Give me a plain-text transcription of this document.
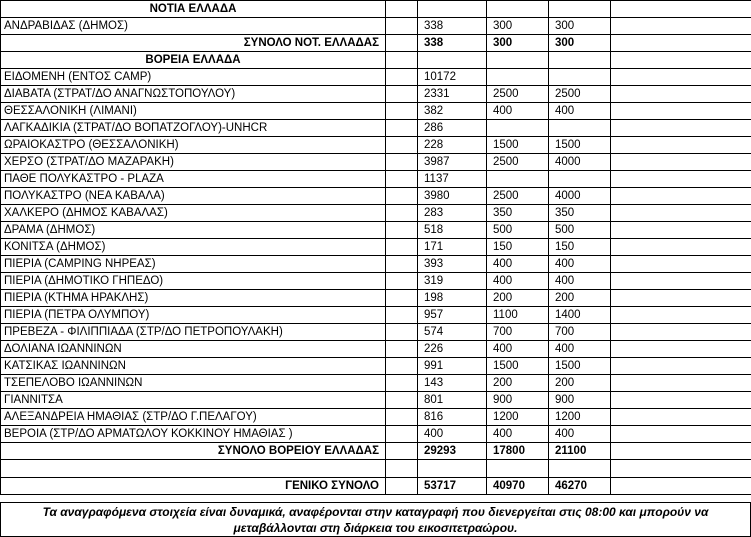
ΝΟΤΙΑ ΕΛΛΑΔΑ					
ΑΝΔΡΑΒΙΔΑΣ (ΔΗΜΟΣ)		338	300	300	
ΣΥΝΟΛΟ ΝΟΤ. ΕΛΛΑΔΑΣ		338	300	300	
ΒΟΡΕΙΑ ΕΛΛΑΔΑ					
ΕΙΔΟΜΕΝΗ (ΕΝΤΟΣ CAMP)		10172			
ΔΙΑΒΑΤΑ (ΣΤΡΑΤ/ΔΟ ΑΝΑΓΝΩΣΤΟΠΟΥΛΟΥ)		2331	2500	2500	
ΘΕΣΣΑΛΟΝΙΚΗ (ΛΙΜΑΝΙ)		382	400	400	
ΛΑΓΚΑΔΙΚΙΑ (ΣΤΡΑΤ/ΔΟ ΒΟΠΑΤΖΟΓΛΟΥ)-UNHCR		286			
ΩΡΑΙΟΚΑΣΤΡΟ (ΘΕΣΣΑΛΟΝΙΚΗ)		228	1500	1500	
ΧΕΡΣΟ (ΣΤΡΑΤ/ΔΟ ΜΑΖΑΡΑΚΗ)		3987	2500	4000	
ΠΑΘΕ ΠΟΛΥΚΑΣΤΡΟ - PLAZA		1137			
ΠΟΛΥΚΑΣΤΡΟ (ΝΕΑ ΚΑΒΑΛΑ)		3980	2500	4000	
ΧΑΛΚΕΡΟ (ΔΗΜΟΣ ΚΑΒΑΛΑΣ)		283	350	350	
ΔΡΑΜΑ (ΔΗΜΟΣ)		518	500	500	
ΚΟΝΙΤΣΑ (ΔΗΜΟΣ)		171	150	150	
ΠΙΕΡΙΑ (CAMPING ΝΗΡΕΑΣ)		393	400	400	
ΠΙΕΡΙΑ (ΔΗΜΟΤΙΚΟ ΓΗΠΕΔΟ)		319	400	400	
ΠΙΕΡΙΑ (ΚΤΗΜΑ ΗΡΑΚΛΗΣ)		198	200	200	
ΠΙΕΡΙΑ (ΠΕΤΡΑ ΟΛΥΜΠΟΥ)		957	1100	1400	
ΠΡΕΒΕΖΑ - ΦΙΛΙΠΠΙΑΔΑ (ΣΤΡ/ΔΟ ΠΕΤΡΟΠΟΥΛΑΚΗ)		574	700	700	
ΔΟΛΙΑΝΑ ΙΩΑΝΝΙΝΩΝ		226	400	400	
ΚΑΤΣΙΚΑΣ ΙΩΑΝΝΙΝΩΝ		991	1500	1500	
ΤΣΕΠΕΛΟΒΟ ΙΩΑΝΝΙΝΩΝ		143	200	200	
ΓΙΑΝΝΙΤΣΑ		801	900	900	
ΑΛΕΞΑΝΔΡΕΙΑ ΗΜΑΘΙΑΣ (ΣΤΡ/ΔΟ Γ.ΠΕΛΑΓΟΥ)		816	1200	1200	
ΒΕΡΟΙΑ (ΣΤΡ/ΔΟ ΑΡΜΑΤΩΛΟΥ ΚΟΚΚΙΝΟΥ ΗΜΑΘΙΑΣ )		400	400	400	
ΣΥΝΟΛΟ ΒΟΡΕΙΟΥ ΕΛΛΑΔΑΣ		29293	17800	21100	

ΓΕΝΙΚΟ ΣΥΝΟΛΟ		53717	40970	46270	
Τα αναγραφόμενα στοιχεία είναι δυναμικά, αναφέρονται στην καταγραφή που διενεργείται στις 08:00 και μπορούν να
μεταβάλλονται στη διάρκεια του εικοσιτετραώρου.
